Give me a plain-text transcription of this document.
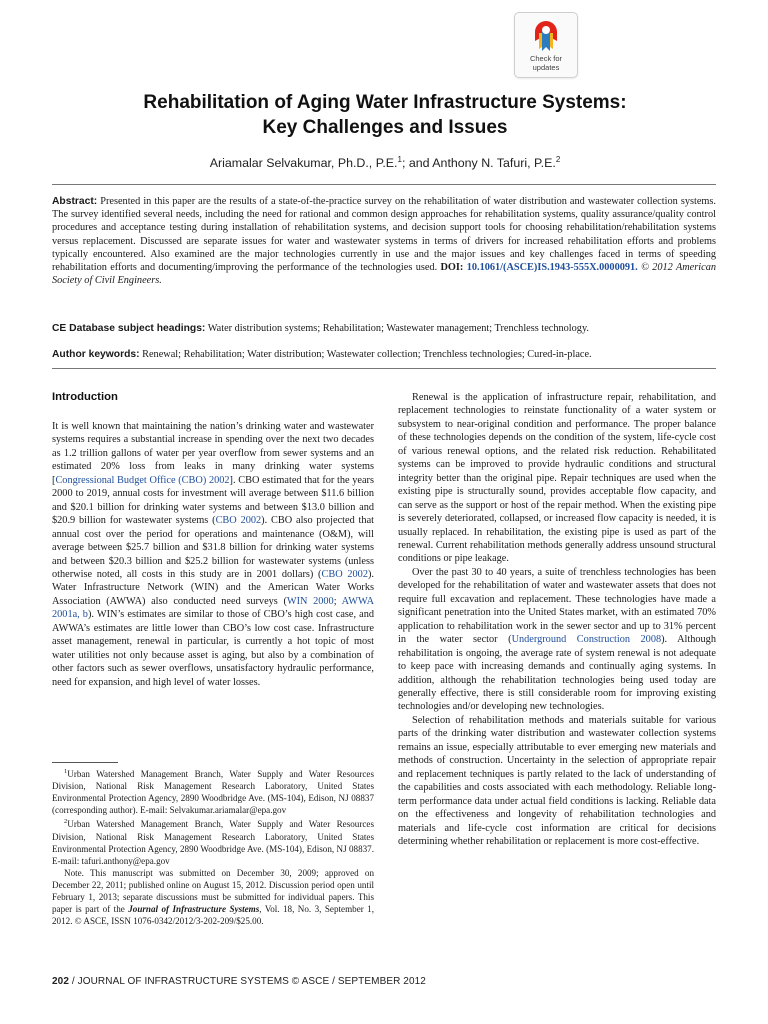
Check for
updates
Rehabilitation of Aging Water Infrastructure Systems:
Key Challenges and Issues
Ariamalar Selvakumar, Ph.D., P.E.$^1$; and Anthony N. Tafuri, P.E.$^2$
Abstract: Presented in this paper are the results of a state-of-the-practice survey on the rehabilitation of water distribution and wastewater collection systems. The survey identified several needs, including the need for rational and common design approaches for rehabilitation systems, quality assurance/quality control procedures and acceptance testing during installation of rehabilitation systems, and decision support tools for choosing rehabilitation/rehabilitation systems versus replacement. Discussed are separate issues for water and wastewater systems in terms of drivers for increased rehabilitation efforts and problems typically encountered. Also examined are the major technologies currently in use and the major issues and key challenges faced in terms of speeding rehabilitation efforts and documenting/improving the performance of the technologies used. DOI: 10.1061/(ASCE)IS.1943-555X.0000091. © 2012 American Society of Civil Engineers.
CE Database subject headings: Water distribution systems; Rehabilitation; Wastewater management; Trenchless technology.
Author keywords: Renewal; Rehabilitation; Water distribution; Wastewater collection; Trenchless technologies; Cured-in-place.
Introduction

It is well known that maintaining the nation’s drinking water and wastewater systems requires a substantial increase in spending over the next two decades as 1.2 trillion gallons of water per year overflow from sewer systems and an estimated 20% loss from leaks in many drinking water systems [Congressional Budget Office (CBO) 2002]. CBO estimated that for the years 2000 to 2019, annual costs for investment will average between $11.6 billion and $20.1 billion for drinking water systems and between $13.0 billion and $20.9 billion for wastewater systems (CBO 2002). CBO also projected that annual cost over the period for operations and maintenance (O&M), will average between $25.7 billion and $31.8 billion for drinking water systems and between $20.3 billion and $25.2 billion for wastewater systems (unless otherwise noted, all costs in this study are in 2001 dollars) (CBO 2002). Water Infrastructure Network (WIN) and the American Water Works Association (AWWA) also conducted need surveys (WIN 2000; AWWA 2001a, b). WIN’s estimates are similar to those of CBO’s high cost case, and AWWA’s estimates are little lower than CBO’s low cost case. Infrastructure asset management, renewal in particular, is currently a hot topic of most water utilities not only because asset is aging, but also by a combination of other factors such as sewer overflows, unsatisfactory hydraulic performance, need for expansion, and high level of water losses.

$^1$Urban Watershed Management Branch, Water Supply and Water Resources Division, National Risk Management Research Laboratory, United States Environmental Protection Agency, 2890 Woodbridge Ave. (MS-104), Edison, NJ 08837 (corresponding author). E-mail: Selvakumar.ariamalar@epa.gov

$^2$Urban Watershed Management Branch, Water Supply and Water Resources Division, National Risk Management Research Laboratory, United States Environmental Protection Agency, 2890 Woodbridge Ave. (MS-104), Edison, NJ 08837. E-mail: tafuri.anthony@epa.gov

Note. This manuscript was submitted on December 30, 2009; approved on December 22, 2011; published online on August 15, 2012. Discussion period open until February 1, 2013; separate discussions must be submitted for individual papers. This paper is part of the Journal of Infrastructure Systems, Vol. 18, No. 3, September 1, 2012. © ASCE, ISSN 1076-0342/2012/3-202-209/$25.00.

Renewal is the application of infrastructure repair, rehabilitation, and replacement technologies to reinstate functionality of a water system or subsystem to near-original condition and performance. The proper balance of these technologies depends on the condition of the system, life-cycle cost of various renewal options, and the related risk reduction. Rehabilitated systems can be improved to provide hydraulic conditions and structural integrity better than the original pipe. Repair techniques are used when the existing pipe is structurally sound, provides acceptable flow capacity, and can serve as the support or host of the repair method. When the existing pipe is severely deteriorated, collapsed, or increased flow capacity is needed, it is usually replaced. In rehabilitation, the existing pipe is used as part of the renewal. Current rehabilitation methods generally address unsound structural conditions or pipe leakage.

Over the past 30 to 40 years, a suite of trenchless technologies has been developed for the rehabilitation of water and wastewater assets that does not require full excavation and replacement. These technologies have made a significant penetration into the United States market, with an estimated 70% application to rehabilitation work in the sewer sector and up to 31% percent in the water sector (Underground Construction 2008). Although rehabilitation is ongoing, the average rate of system renewal is not adequate to keep pace with increasing demands and continually aging systems. In addition, although the rehabilitation technologies being used today are generally effective, there is still considerable room for improving existing technologies and/or developing new technologies.

Selection of rehabilitation methods and materials suitable for various parts of the drinking water distribution and wastewater collection systems remains an issue, especially attributable to ever emerging new materials and methods of construction. Uncertainty in the selection of appropriate repair and replacement techniques is partly related to the lack of understanding of the capabilities and costs associated with each methodology. Reliable long-term performance data under actual field conditions is lacking. Reliable data on the effectiveness and longevity of rehabilitation technologies and materials and life-cycle cost information are critical for decisions determining whether rehabilitation or replacement is more cost-effective.

202 / JOURNAL OF INFRASTRUCTURE SYSTEMS © ASCE / SEPTEMBER 2012
